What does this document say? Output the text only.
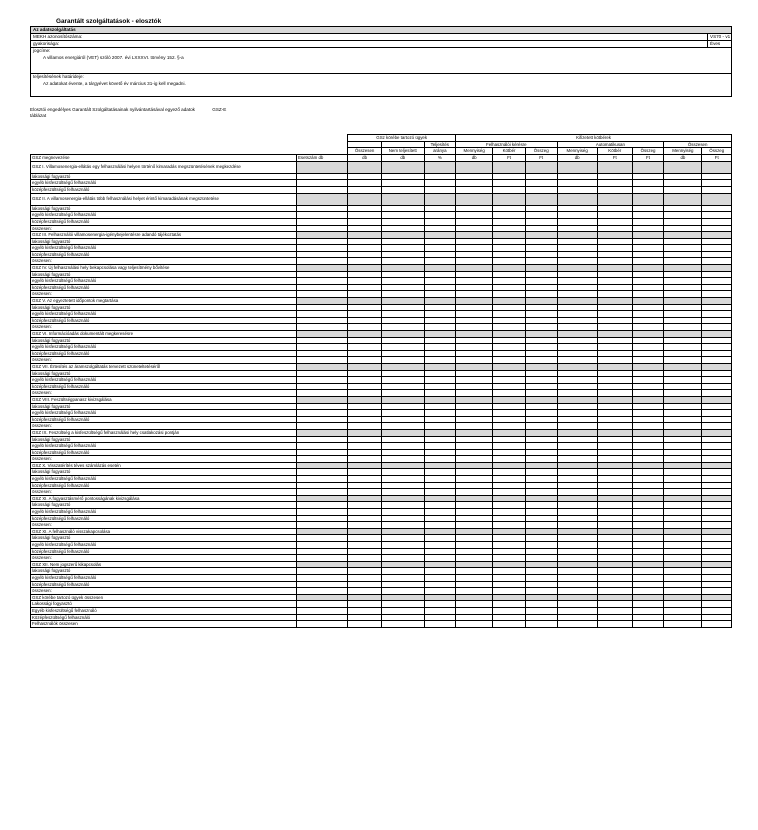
Garantált szolgáltatások - elosztók
Az adatszolgáltatás
MEKH azonosítószáma:	VS70 - v1
gyakorisága:	Éves
jogcíme:
A villamos energiáról (VET) szóló 2007. évi LXXXVI. törvény 152. §-a
teljesítésének határideje:
Az adatokat évente, a tárgyévet követő év március 31-ig kell megadni.
Elosztói engedélyes Garantált Szolgáltatásainak nyilvántartásával egyező adatok	GSZ-E
táblázat
		GSz körébe tartozó ügyek			Kifizetett kötbérek							
				Teljesítés	Felhasználói kérésre			Automatikusan			Összesen	
		Összesen	Nem teljesített	aránya	Mennyiség	Kötbér	Összeg	Mennyiség	Kötbér	Összeg	Mennyiség	Összeg
GSZ megnevezése	Esetszám db	db	db	%	db	Ft	Ft	db	Ft	Ft	db	Ft
GSZ I. Villamosenergia-ellátás egy felhasználási helyen történő kimaradás megszüntetésének megkezdése												
lakossági fogyasztó												
egyéb kisfeszültségű felhasználó												
középfeszültségű felhasználó												
GSZ II. A villamosenergia-ellátás több felhasználási helyet érintő kimaradásának megszüntetése												
lakossági fogyasztó												
egyéb kisfeszültségű felhasználó												
középfeszültségű felhasználó												
összesen:												
GSZ III. Felhasználói villamosenergia-igénybejelentésre adandó tájékoztatás												
lakossági fogyasztó												
egyéb kisfeszültségű felhasználó												
középfeszültségű felhasználó												
összesen:												
GSZ IV. Új felhasználási hely bekapcsolása vagy teljesítmény bővítése												
lakossági fogyasztó												
egyéb kisfeszültségű felhasználó												
középfeszültségű felhasználó												
összesen:												
GSZ V. Az egyeztetett időpontok megtartása												
lakossági fogyasztó												
egyéb kisfeszültségű felhasználó												
középfeszültségű felhasználó												
összesen:												
GSZ VI. Információadás dokumentált megkeresésre												
lakossági fogyasztó												
egyéb kisfeszültségű felhasználó												
középfeszültségű felhasználó												
összesen:												
GSZ VII. Értesítés az áramszolgáltatás tervezett szüneteltetéséről												
lakossági fogyasztó												
egyéb kisfeszültségű felhasználó												
középfeszültségű felhasználó												
összesen:												
GSZ VIII. Feszültségpanasz kivizsgálása												
lakossági fogyasztó												
egyéb kisfeszültségű felhasználó												
középfeszültségű felhasználó												
összesen:												
GSZ IX. Feszültség a kisfeszültségű felhasználási hely csatlakozási pontján												
lakossági fogyasztó												
egyéb kisfeszültségű felhasználó												
középfeszültségű felhasználó												
összesen:												
GSZ X. Visszatérítés téves számlázás esetén												
lakossági fogyasztó												
egyéb kisfeszültségű felhasználó												
középfeszültségű felhasználó												
összesen:												
GSZ XI. A fogyasztásmérő pontosságának kivizsgálása												
lakossági fogyasztó												
egyéb kisfeszültségű felhasználó												
középfeszültségű felhasználó												
összesen:												
GSZ XI. A felhasználó visszakapcsolása												
lakossági fogyasztó												
egyéb kisfeszültségű felhasználó												
középfeszültségű felhasználó												
összesen:												
GSZ XII. Nem jogszerű kikapcsolás												
lakossági fogyasztó												
egyéb kisfeszültségű felhasználó												
középfeszültségű felhasználó												
összesen:												
GSZ körébe tartozó ügyek összesen												
Lakossági fogyasztó												
Egyéb kisfeszültségű felhasználó												
Középfeszültségű felhasználó												
Felhasználók összesen												
